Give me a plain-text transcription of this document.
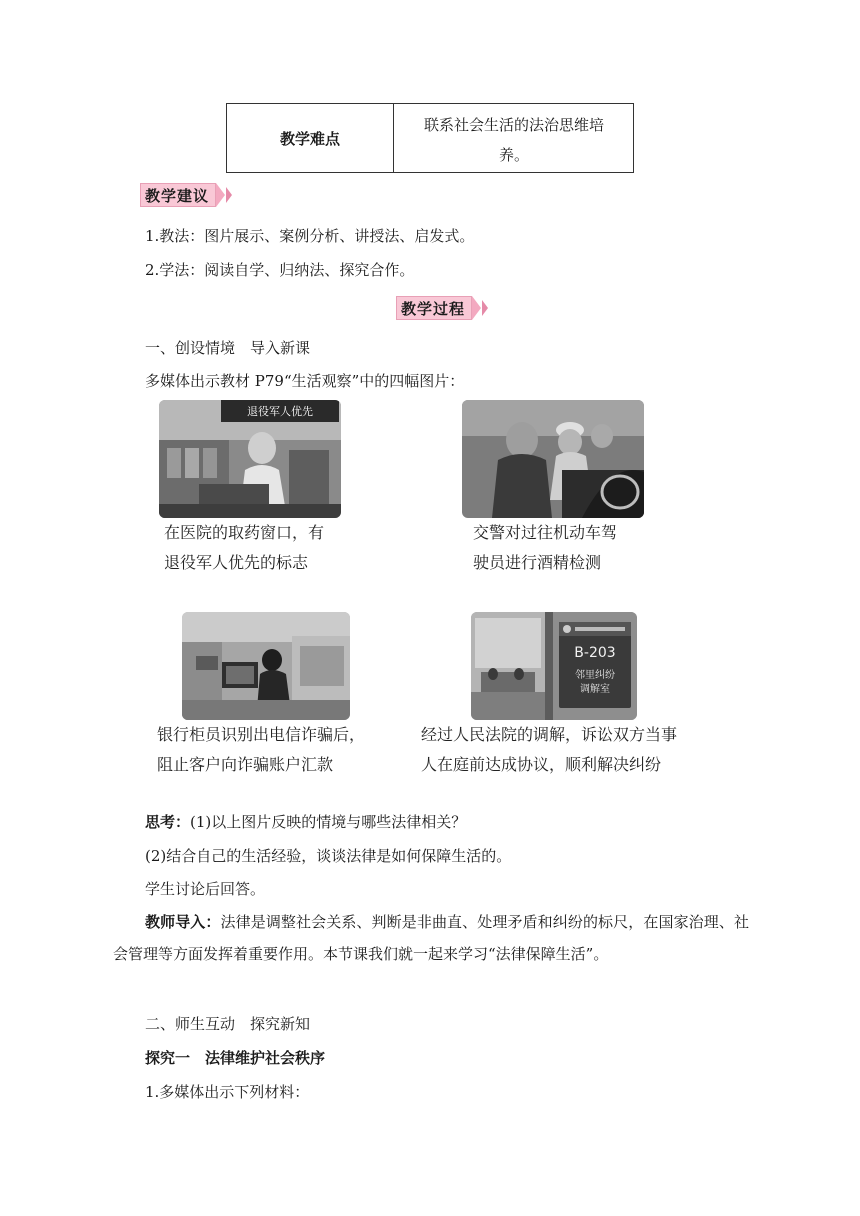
教学难点
联系社会生活的法治思维培
养。
教学建议
1.教法：图片展示、案例分析、讲授法、启发式。
2.学法：阅读自学、归纳法、探究合作。
教学过程
一、创设情境　导入新课
多媒体出示教材 P79“生活观察”中的四幅图片：
退役军人优先
在医院的取药窗口，有
退役军人优先的标志
交警对过往机动车驾
驶员进行酒精检测
B-203
邻里纠纷
调解室
银行柜员识别出电信诈骗后，
阻止客户向诈骗账户汇款
经过人民法院的调解，诉讼双方当事
人在庭前达成协议，顺利解决纠纷
思考：(1)以上图片反映的情境与哪些法律相关？
(2)结合自己的生活经验，谈谈法律是如何保障生活的。
学生讨论后回答。
教师导入：法律是调整社会关系、判断是非曲直、处理矛盾和纠纷的标尺，在国家治理、社会管理等方面发挥着重要作用。本节课我们就一起来学习“法律保障生活”。
二、师生互动　探究新知
探究一　法律维护社会秩序
1.多媒体出示下列材料：
